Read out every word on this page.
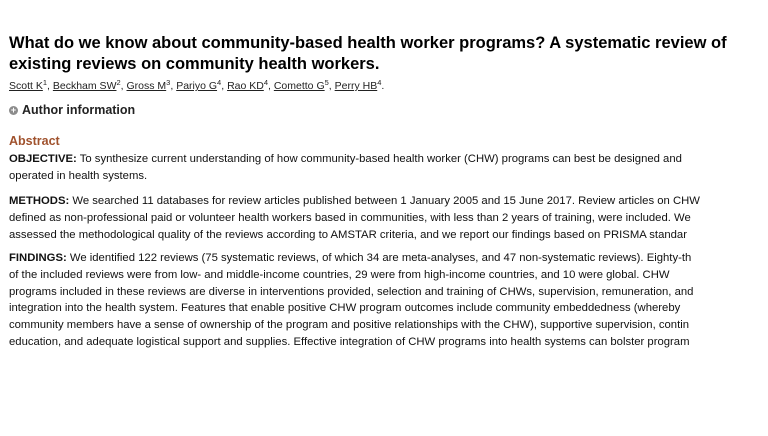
What do we know about community-based health worker programs? A systematic review of existing reviews on community health workers.
Scott $K^1$, Beckham $SW^2$, Gross $M^3$, Pariyo $G^4$, Rao $KD^4$, Cometto $G^5$, Perry $HB^4$.
+ Author information
Abstract
OBJECTIVE: To synthesize current understanding of how community-based health worker (CHW) programs can best be designed and
operated in health systems.
METHODS: We searched 11 databases for review articles published between 1 January 2005 and 15 June 2017. Review articles on CHW
defined as non-professional paid or volunteer health workers based in communities, with less than 2 years of training, were included. We
assessed the methodological quality of the reviews according to AMSTAR criteria, and we report our findings based on PRISMA standar
FINDINGS: We identified 122 reviews (75 systematic reviews, of which 34 are meta-analyses, and 47 non-systematic reviews). Eighty-th
of the included reviews were from low- and middle-income countries, 29 were from high-income countries, and 10 were global. CHW
programs included in these reviews are diverse in interventions provided, selection and training of CHWs, supervision, remuneration, and
integration into the health system. Features that enable positive CHW program outcomes include community embeddedness (whereby
community members have a sense of ownership of the program and positive relationships with the CHW), supportive supervision, contin
education, and adequate logistical support and supplies. Effective integration of CHW programs into health systems can bolster program
